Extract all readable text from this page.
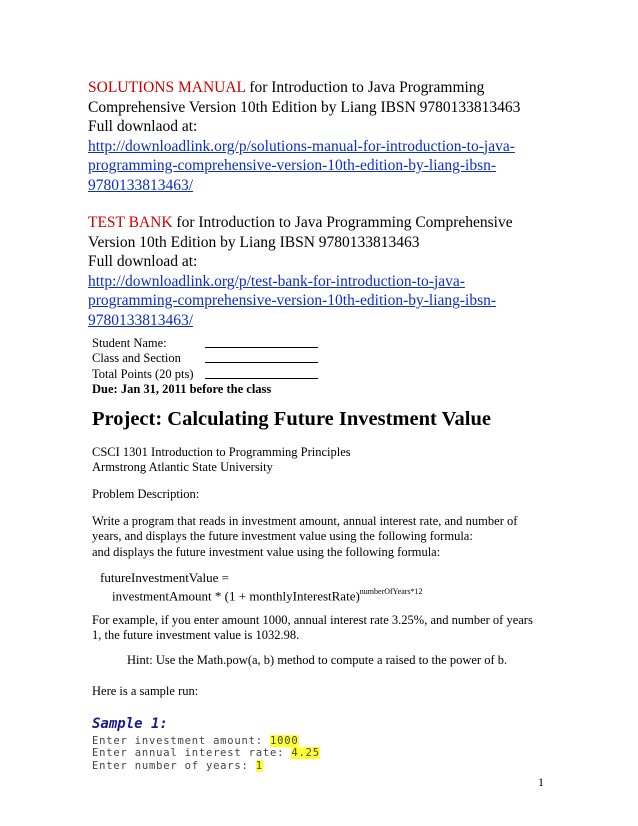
SOLUTIONS MANUAL for Introduction to Java Programming

Comprehensive Version 10th Edition by Liang IBSN 9780133813463

Full downlaod at:

http://downloadlink.org/p/solutions-manual-for-introduction-to-java-
programming-comprehensive-version-10th-edition-by-liang-ibsn-
9780133813463/

TEST BANK for Introduction to Java Programming Comprehensive

Version 10th Edition by Liang IBSN 9780133813463

Full download at:

http://downloadlink.org/p/test-bank-for-introduction-to-java-
programming-comprehensive-version-10th-edition-by-liang-ibsn-
9780133813463/

Student Name:
Class and Section
Total Points (20 pts)
Due: Jan 31, 2011 before the class
Project: Calculating Future Investment Value
CSCI 1301 Introduction to Programming Principles
Armstrong Atlantic State University
Problem Description:
Write a program that reads in investment amount, annual interest rate, and number of
years, and displays the future investment value using the following formula:
and displays the future investment value using the following formula:
futureInvestmentValue =
investmentAmount * (1 + monthlyInterestRate)$^{numberOfYears*12}$
For example, if you enter amount 1000, annual interest rate 3.25%, and number of years
1, the future investment value is 1032.98.
Hint: Use the Math.pow(a, b) method to compute a raised to the power of b.
Here is a sample run:
Sample 1:
Enter investment amount: 1000
Enter annual interest rate: 4.25
Enter number of years: 1
1
